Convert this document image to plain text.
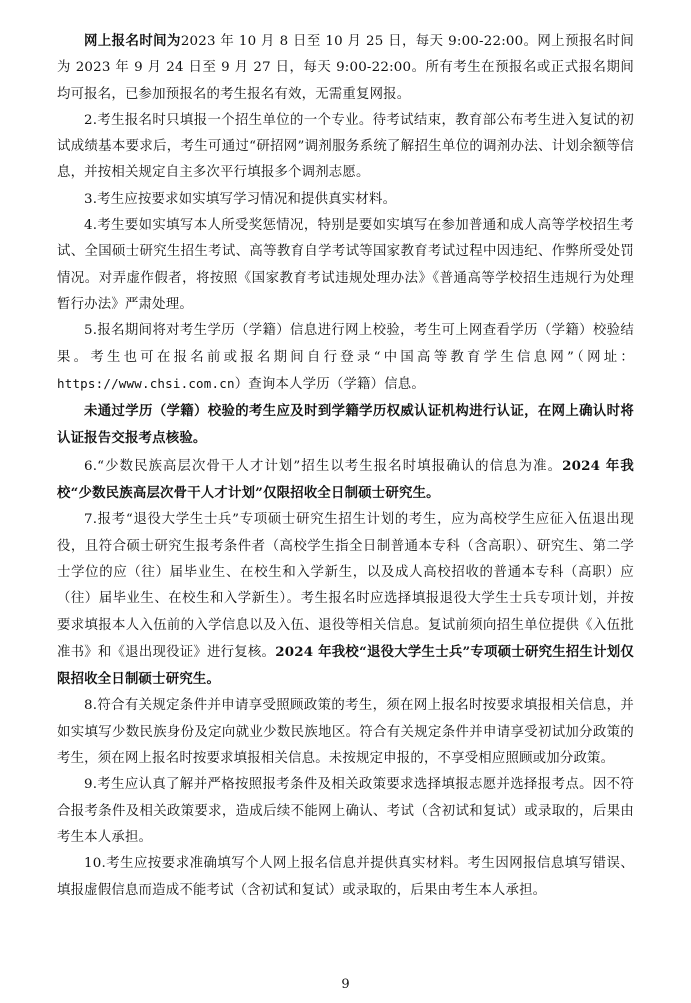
网上报名时间为2023 年 10 月 8 日至 10 月 25 日，每天 9:00-22:00。网上预报名时间为 2023 年 9 月 24 日至 9 月 27 日，每天 9:00-22:00。所有考生在预报名或正式报名期间均可报名，已参加预报名的考生报名有效，无需重复网报。

2.考生报名时只填报一个招生单位的一个专业。待考试结束，教育部公布考生进入复试的初试成绩基本要求后，考生可通过“研招网”调剂服务系统了解招生单位的调剂办法、计划余额等信息，并按相关规定自主多次平行填报多个调剂志愿。

3.考生应按要求如实填写学习情况和提供真实材料。

4.考生要如实填写本人所受奖惩情况，特别是要如实填写在参加普通和成人高等学校招生考试、全国硕士研究生招生考试、高等教育自学考试等国家教育考试过程中因违纪、作弊所受处罚情况。对弄虚作假者，将按照《国家教育考试违规处理办法》《普通高等学校招生违规行为处理暂行办法》严肃处理。

5.报名期间将对考生学历（学籍）信息进行网上校验，考生可上网查看学历（学籍）校验结果。考生也可在报名前或报名期间自行登录“中国高等教育学生信息网”（网址：https://www.chsi.com.cn）查询本人学历（学籍）信息。

未通过学历（学籍）校验的考生应及时到学籍学历权威认证机构进行认证，在网上确认时将认证报告交报考点核验。

6.“少数民族高层次骨干人才计划”招生以考生报名时填报确认的信息为准。2024 年我校“少数民族高层次骨干人才计划”仅限招收全日制硕士研究生。

7.报考“退役大学生士兵”专项硕士研究生招生计划的考生，应为高校学生应征入伍退出现役，且符合硕士研究生报考条件者（高校学生指全日制普通本专科（含高职）、研究生、第二学士学位的应（往）届毕业生、在校生和入学新生，以及成人高校招收的普通本专科（高职）应（往）届毕业生、在校生和入学新生）。考生报名时应选择填报退役大学生士兵专项计划，并按要求填报本人入伍前的入学信息以及入伍、退役等相关信息。复试前须向招生单位提供《入伍批准书》和《退出现役证》进行复核。2024 年我校“退役大学生士兵”专项硕士研究生招生计划仅限招收全日制硕士研究生。

8.符合有关规定条件并申请享受照顾政策的考生，须在网上报名时按要求填报相关信息，并如实填写少数民族身份及定向就业少数民族地区。符合有关规定条件并申请享受初试加分政策的考生，须在网上报名时按要求填报相关信息。未按规定申报的，不享受相应照顾或加分政策。

9.考生应认真了解并严格按照报考条件及相关政策要求选择填报志愿并选择报考点。因不符合报考条件及相关政策要求，造成后续不能网上确认、考试（含初试和复试）或录取的，后果由考生本人承担。

10.考生应按要求准确填写个人网上报名信息并提供真实材料。考生因网报信息填写错误、填报虚假信息而造成不能考试（含初试和复试）或录取的，后果由考生本人承担。

9
